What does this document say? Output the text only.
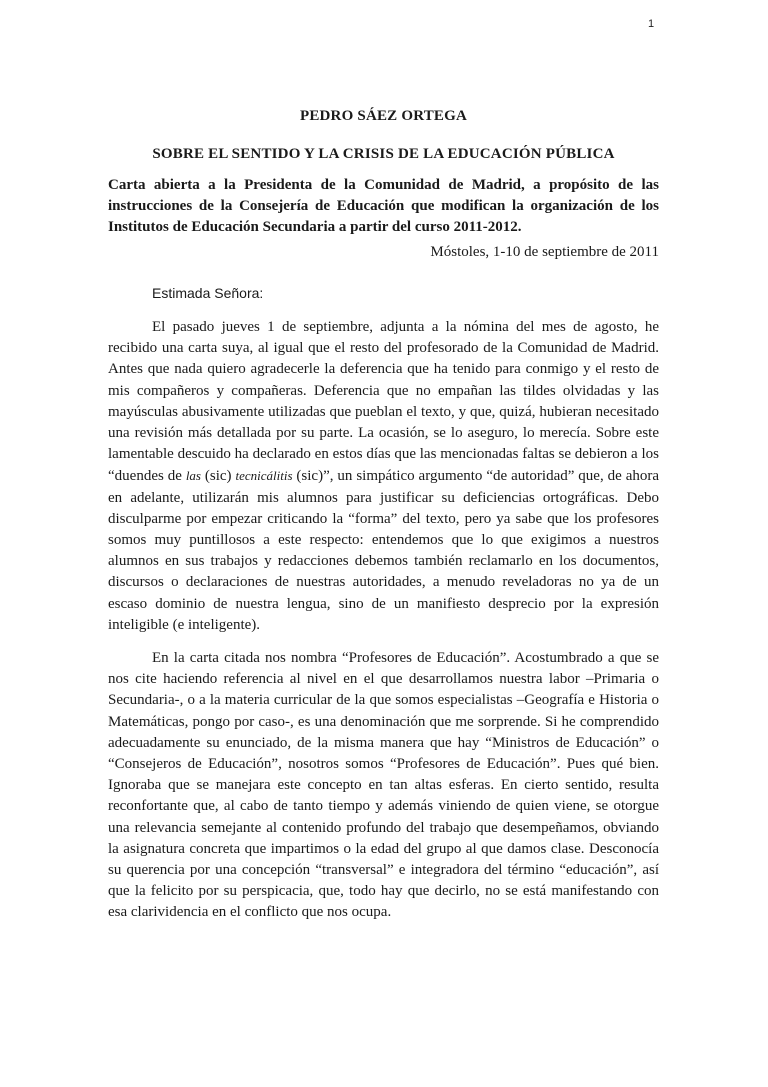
1

PEDRO SÁEZ ORTEGA

SOBRE EL SENTIDO Y LA CRISIS DE LA EDUCACIÓN PÚBLICA

Carta abierta a la Presidenta de la Comunidad de Madrid, a propósito de las instrucciones de la Consejería de Educación que modifican la organización de los Institutos de Educación Secundaria a partir del curso 2011-2012.

Móstoles, 1-10 de septiembre de 2011

Estimada Señora:

El pasado jueves 1 de septiembre, adjunta a la nómina del mes de agosto, he recibido una carta suya, al igual que el resto del profesorado de la Comunidad de Madrid. Antes que nada quiero agradecerle la deferencia que ha tenido para conmigo y el resto de mis compañeros y compañeras. Deferencia que no empañan las tildes olvidadas y las mayúsculas abusivamente utilizadas que pueblan el texto, y que, quizá, hubieran necesitado una revisión más detallada por su parte. La ocasión, se lo aseguro, lo merecía. Sobre este lamentable descuido ha declarado en estos días que las mencionadas faltas se debieron a los “duendes de las (sic) tecnicálitis (sic)”, un simpático argumento “de autoridad” que, de ahora en adelante, utilizarán mis alumnos para justificar su deficiencias ortográficas. Debo disculparme por empezar criticando la “forma” del texto, pero ya sabe que los profesores somos muy puntillosos a este respecto: entendemos que lo que exigimos a nuestros alumnos en sus trabajos y redacciones debemos también reclamarlo en los documentos, discursos o declaraciones de nuestras autoridades, a menudo reveladoras no ya de un escaso dominio de nuestra lengua, sino de un manifiesto desprecio por la expresión inteligible (e inteligente).

En la carta citada nos nombra “Profesores de Educación”. Acostumbrado a que se nos cite haciendo referencia al nivel en el que desarrollamos nuestra labor –Primaria o Secundaria-, o a la materia curricular de la que somos especialistas –Geografía e Historia o Matemáticas, pongo por caso-, es una denominación que me sorprende. Si he comprendido adecuadamente su enunciado, de la misma manera que hay “Ministros de Educación” o “Consejeros de Educación”, nosotros somos “Profesores de Educación”. Pues qué bien. Ignoraba que se manejara este concepto en tan altas esferas. En cierto sentido, resulta reconfortante que, al cabo de tanto tiempo y además viniendo de quien viene, se otorgue una relevancia semejante al contenido profundo del trabajo que desempeñamos, obviando la asignatura concreta que impartimos o la edad del grupo al que damos clase. Desconocía su querencia por una concepción “transversal” e integradora del término “educación”, así que la felicito por su perspicacia, que, todo hay que decirlo, no se está manifestando con esa clarividencia en el conflicto que nos ocupa.
